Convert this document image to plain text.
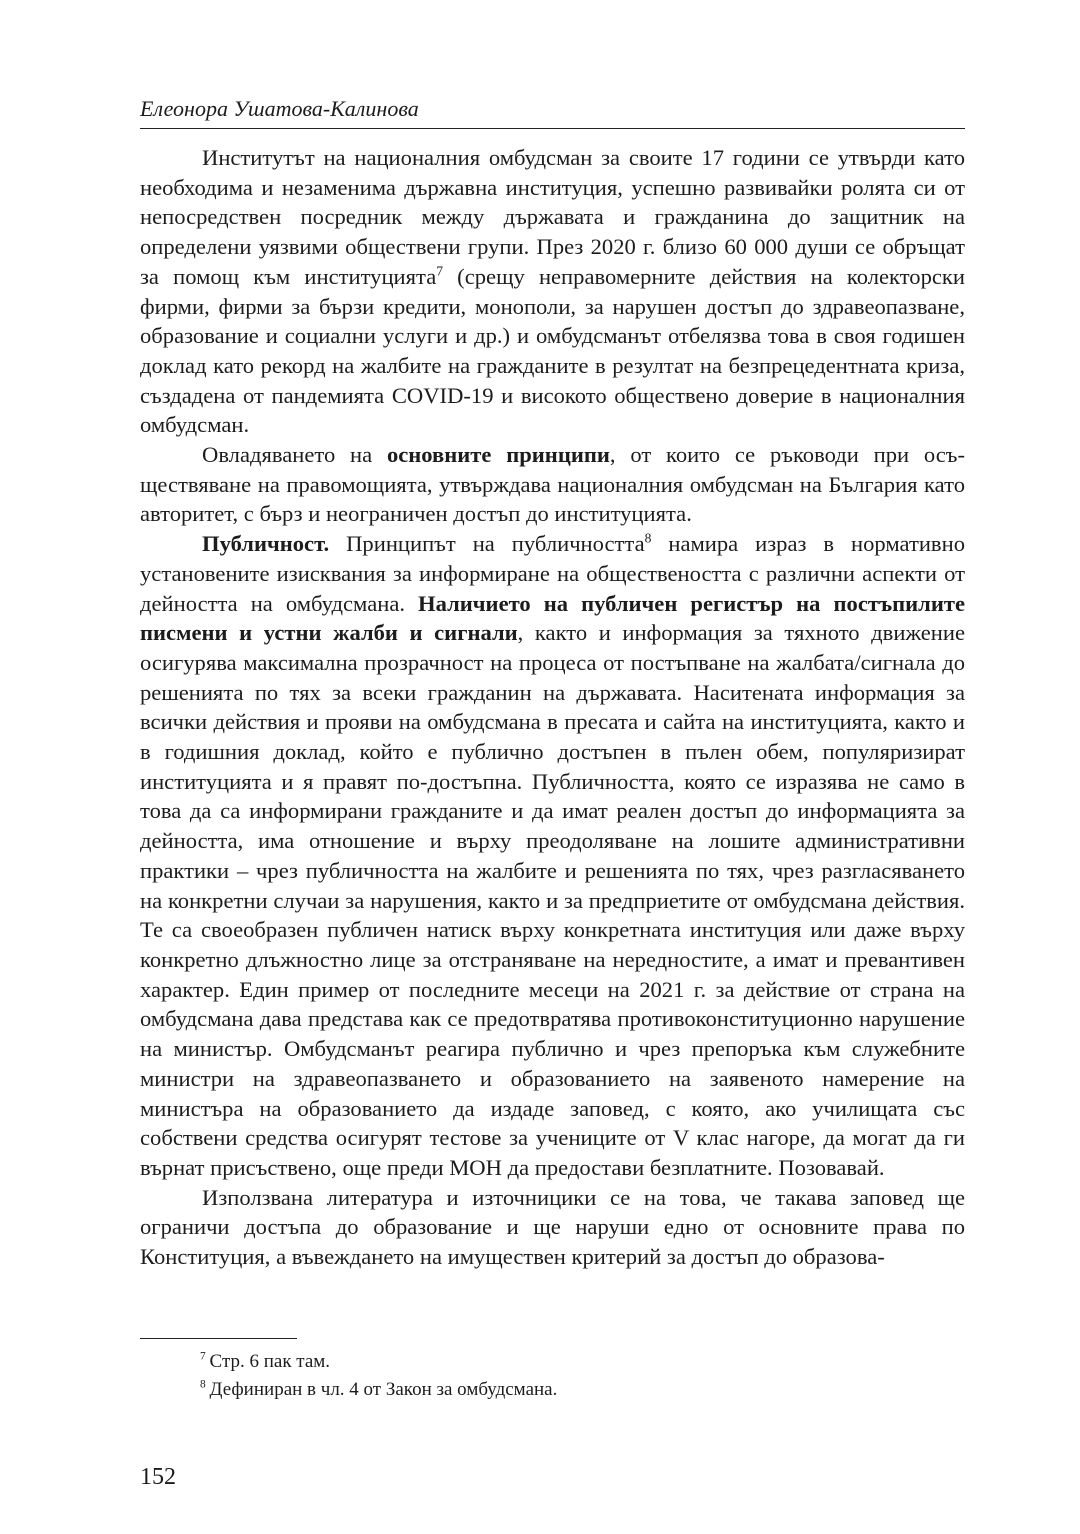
Елеонора Ушатова-Калинова

Институтът на националния омбудсман за своите 17 години се утвърди като необходима и незаменима държавна институция, успешно развивайки ролята си от непосредствен посредник между държавата и гражданина до защитник на определени уязвими обществени групи. През 2020 г. близо 60 000 души се обръщат за помощ към институцията$^7$ (срещу неправомерните действия на колекторски фирми, фирми за бързи кредити, монополи, за нарушен достъп до здравеопазване, образование и социални услуги и др.) и омбудсманът отбелязва това в своя годишен доклад като рекорд на жалбите на гражданите в резултат на безпрецедентната криза, създадена от пандемията COVID-19 и високото обществено доверие в националния омбудсман.

Овладяването на основните принципи, от които се ръководи при осъществяване на правомощията, утвърждава националния омбудсман на България като авторитет, с бърз и неограничен достъп до институцията.

Публичност. Принципът на публичността$^8$ намира израз в нормативно установените изисквания за информиране на обществеността с различни аспекти от дейността на омбудсмана. Наличието на публичен регистър на постъпилите писмени и устни жалби и сигнали, както и информация за тяхното движение осигурява максимална прозрачност на процеса от постъпване на жалбата/сигнала до решенията по тях за всеки гражданин на държавата. Наситената информация за всички действия и прояви на омбудсмана в пресата и сайта на институцията, както и в годишния доклад, който е публично достъпен в пълен обем, популяризират институцията и я правят по-достъпна. Публичността, която се изразява не само в това да са информирани гражданите и да имат реален достъп до информацията за дейността, има отношение и върху преодоляване на лошите административни практики – чрез публичността на жалбите и решенията по тях, чрез разгласяването на конкретни случаи за нарушения, както и за предприетите от омбудсмана действия. Те са своеобразен публичен натиск върху конкретната институция или даже върху конкретно длъжностно лице за отстраняване на нередностите, а имат и превантивен характер. Един пример от последните месеци на 2021 г. за действие от страна на омбудсмана дава представа как се предотвратява противоконституционно нарушение на министър. Омбудсманът реагира публично и чрез препоръка към служебните министри на здравеопазването и образованието на заявеното намерение на министъра на образованието да издаде заповед, с която, ако училищата със собствени средства осигурят тестове за учениците от V клас нагоре, да могат да ги върнат присъствено, още преди МОН да предостави безплатните. Позовавай.

Използвана литература и източницики се на това, че такава заповед ще ограничи достъпа до образование и ще наруши едно от основните права по Конституция, а въвеждането на имуществен критерий за достъп до образова-

$^7$  Стр. 6 пак там.
$^8$  Дефиниран в чл. 4 от Закон за омбудсмана.
152
